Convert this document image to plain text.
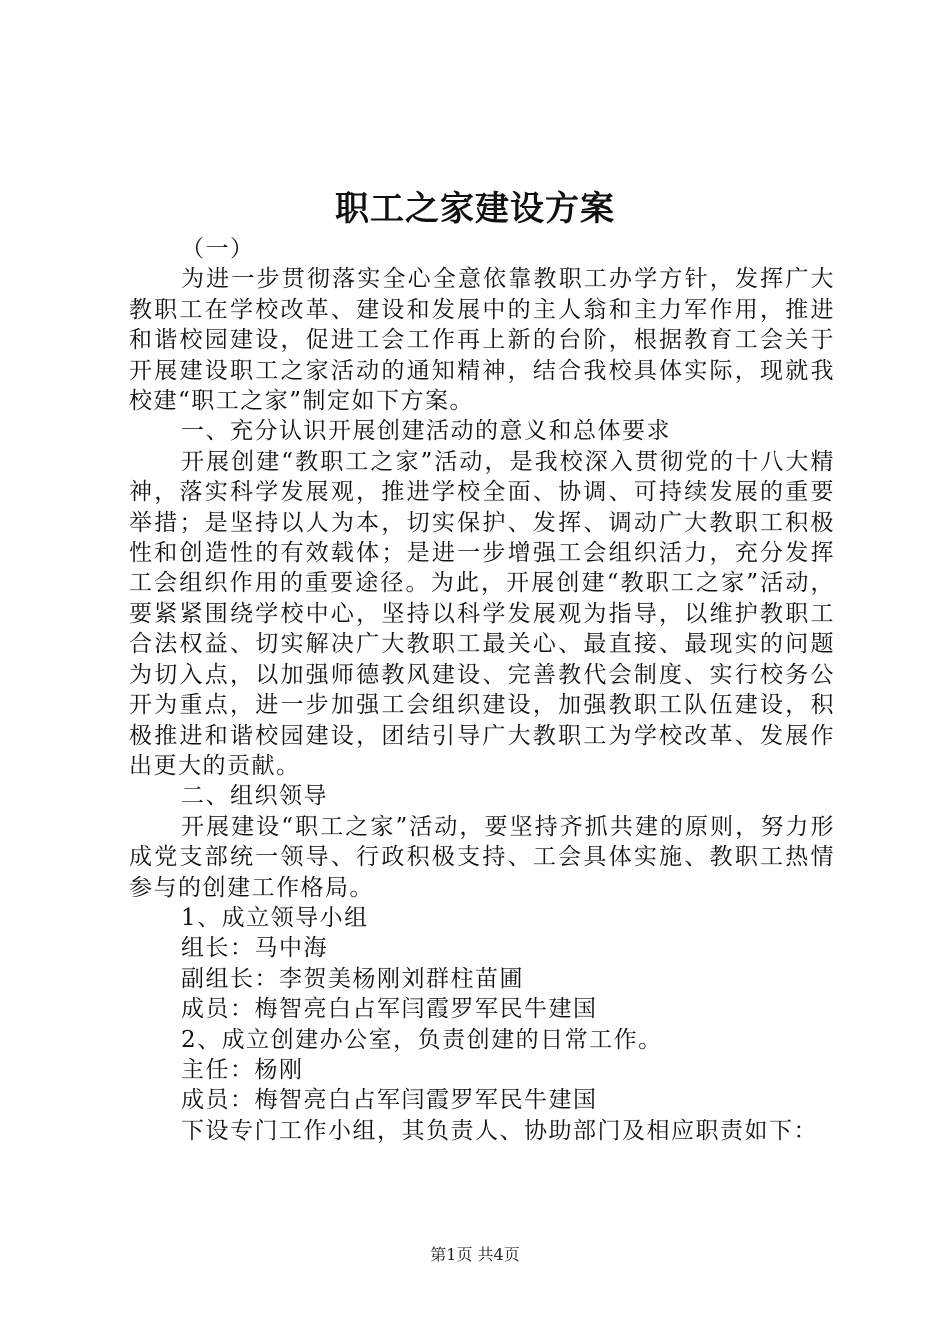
职工之家建设方案

（一）

为进一步贯彻落实全心全意依靠教职工办学方针，发挥广大教职工在学校改革、建设和发展中的主人翁和主力军作用，推进和谐校园建设，促进工会工作再上新的台阶，根据教育工会关于开展建设职工之家活动的通知精神，结合我校具体实际，现就我校建“职工之家”制定如下方案。

一、充分认识开展创建活动的意义和总体要求

开展创建“教职工之家”活动，是我校深入贯彻党的十八大精神，落实科学发展观，推进学校全面、协调、可持续发展的重要举措；是坚持以人为本，切实保护、发挥、调动广大教职工积极性和创造性的有效载体；是进一步增强工会组织活力，充分发挥工会组织作用的重要途径。为此，开展创建“教职工之家”活动，要紧紧围绕学校中心，坚持以科学发展观为指导，以维护教职工合法权益、切实解决广大教职工最关心、最直接、最现实的问题为切入点，以加强师德教风建设、完善教代会制度、实行校务公开为重点，进一步加强工会组织建设，加强教职工队伍建设，积极推进和谐校园建设，团结引导广大教职工为学校改革、发展作出更大的贡献。

二、组织领导

开展建设“职工之家”活动，要坚持齐抓共建的原则，努力形成党支部统一领导、行政积极支持、工会具体实施、教职工热情参与的创建工作格局。

1、成立领导小组

组长：马中海

副组长：李贺美杨刚刘群柱苗圃

成员：梅智亮白占军闫霞罗军民牛建国

2、成立创建办公室，负责创建的日常工作。

主任：杨刚

成员：梅智亮白占军闫霞罗军民牛建国

下设专门工作小组，其负责人、协助部门及相应职责如下：

第1页 共4页
